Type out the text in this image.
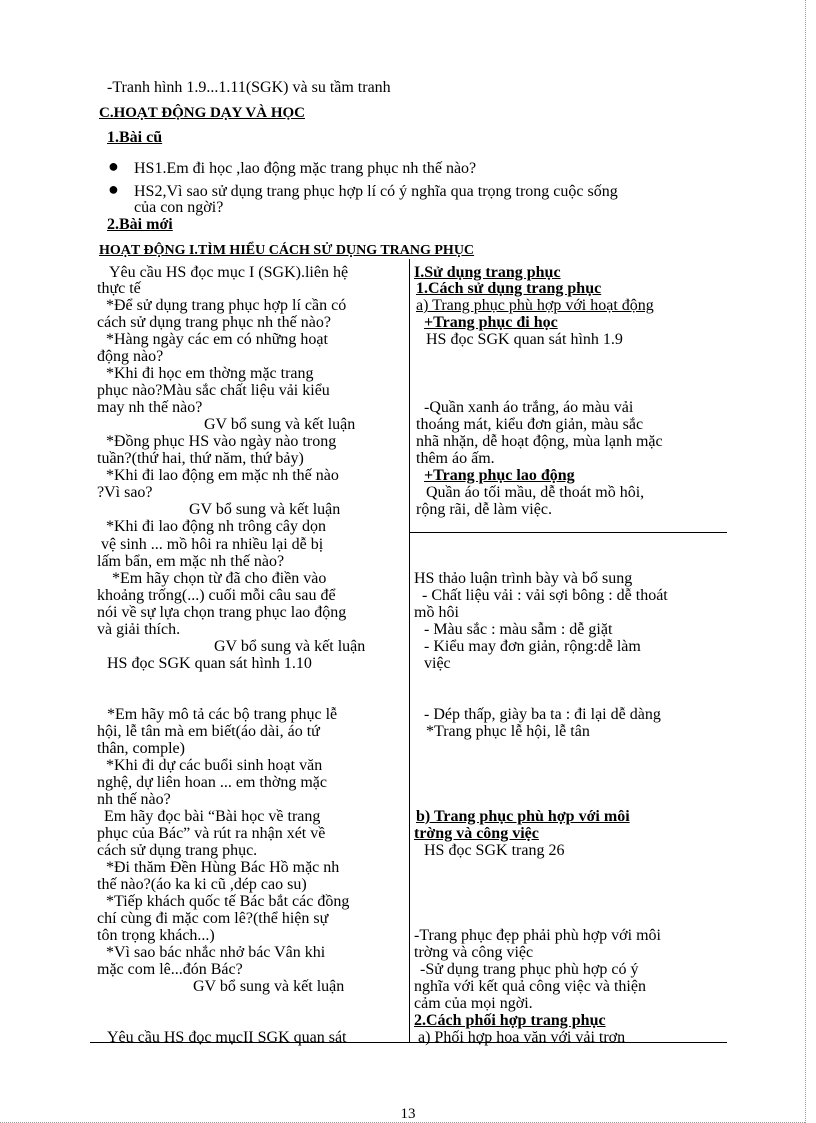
-Tranh hình 1.9...1.11(SGK) và su tầm tranh
C.HOẠT ĐỘNG DẠY VÀ HỌC
1.Bài cũ
● HS1.Em đi học ,lao động mặc trang phục nh thế nào?
● HS2,Vì sao sử dụng trang phục hợp lí có ý nghĩa qua trọng trong cuộc sống
của con ngời?
2.Bài mới
HOẠT ĐỘNG I.TÌM HIỂU CÁCH SỬ DỤNG TRANG PHỤC
Yêu cầu HS đọc mục I (SGK).liên hệ
thực tế
*Để sử dụng trang phục hợp lí cần có
cách sử dụng trang phục nh thế nào?
*Hàng ngày các em có những hoạt
động nào?
*Khi đi học em thờng mặc trang
phục nào?Màu sắc chất liệu vải kiểu
may nh thế nào?
GV bổ sung và kết luận
*Đồng phục HS vào ngày nào trong
tuần?(thứ hai, thứ năm, thứ bảy)
*Khi đi lao động em mặc nh thế nào
?Vì sao?
GV bổ sung và kết luận
*Khi đi lao động nh trông cây dọn
vệ sinh ... mồ hôi ra nhiều lại dễ bị
lấm bẩn, em mặc nh thế nào?
*Em hãy chọn từ đã cho điền vào
khoảng trống(...) cuối mỗi câu sau để
nói về sự lựa chọn trang phục lao động
và giải thích.
GV bổ sung và kết luận
HS đọc SGK quan sát hình 1.10
*Em hãy mô tả các bộ trang phục lễ
hội, lễ tân mà em biết(áo dài, áo tứ
thân, comple)
*Khi đi dự các buổi sinh hoạt văn
nghệ, dự liên hoan ... em thờng mặc
nh thế nào?
Em hãy đọc bài “Bài học về trang
phục của Bác” và rút ra nhận xét về
cách sử dụng trang phục.
*Đi thăm Đền Hùng Bác Hồ mặc nh
thế nào?(áo ka ki cũ ,dép cao su)
*Tiếp khách quốc tế Bác bắt các đồng
chí cùng đi mặc com lê?(thể hiện sự
tôn trọng khách...)
*Vì sao bác nhắc nhở bác Vân khi
mặc com lê...đón Bác?
GV bổ sung và kết luận
Yêu cầu HS đọc mụcII SGK quan sát
I.Sử dụng trang phục
1.Cách sử dụng trang phục
a) Trang phục phù hợp với hoạt động
+Trang phục đi học
HS đọc SGK quan sát hình 1.9
-Quần xanh áo trắng, áo màu vải
thoáng mát, kiểu đơn giản, màu sắc
nhã nhặn, dễ hoạt động, mùa lạnh mặc
thêm áo ấm.
+Trang phục lao động
Quần áo tối mầu, dễ thoát mồ hôi,
rộng rãi, dễ làm việc.
HS thảo luận trình bày và bổ sung
- Chất liệu vải : vải sợi bông : dễ thoát
mồ hôi
- Màu sắc : màu sẫm : dễ giặt
- Kiểu may đơn giản, rộng:dễ làm
việc
- Dép thấp, giày ba ta : đi lại dễ dàng
*Trang phục lễ hội, lễ tân
b) Trang phục phù hợp với môi
trờng và công việc
HS đọc SGK trang 26
-Trang phục đẹp phải phù hợp với môi
trờng và công việc
-Sử dụng trang phục phù hợp có ý
nghĩa với kết quả công việc và thiện
cảm của mọi ngời.
2.Cách phối hợp trang phục
a) Phối hợp hoa văn với vải trơn
13
